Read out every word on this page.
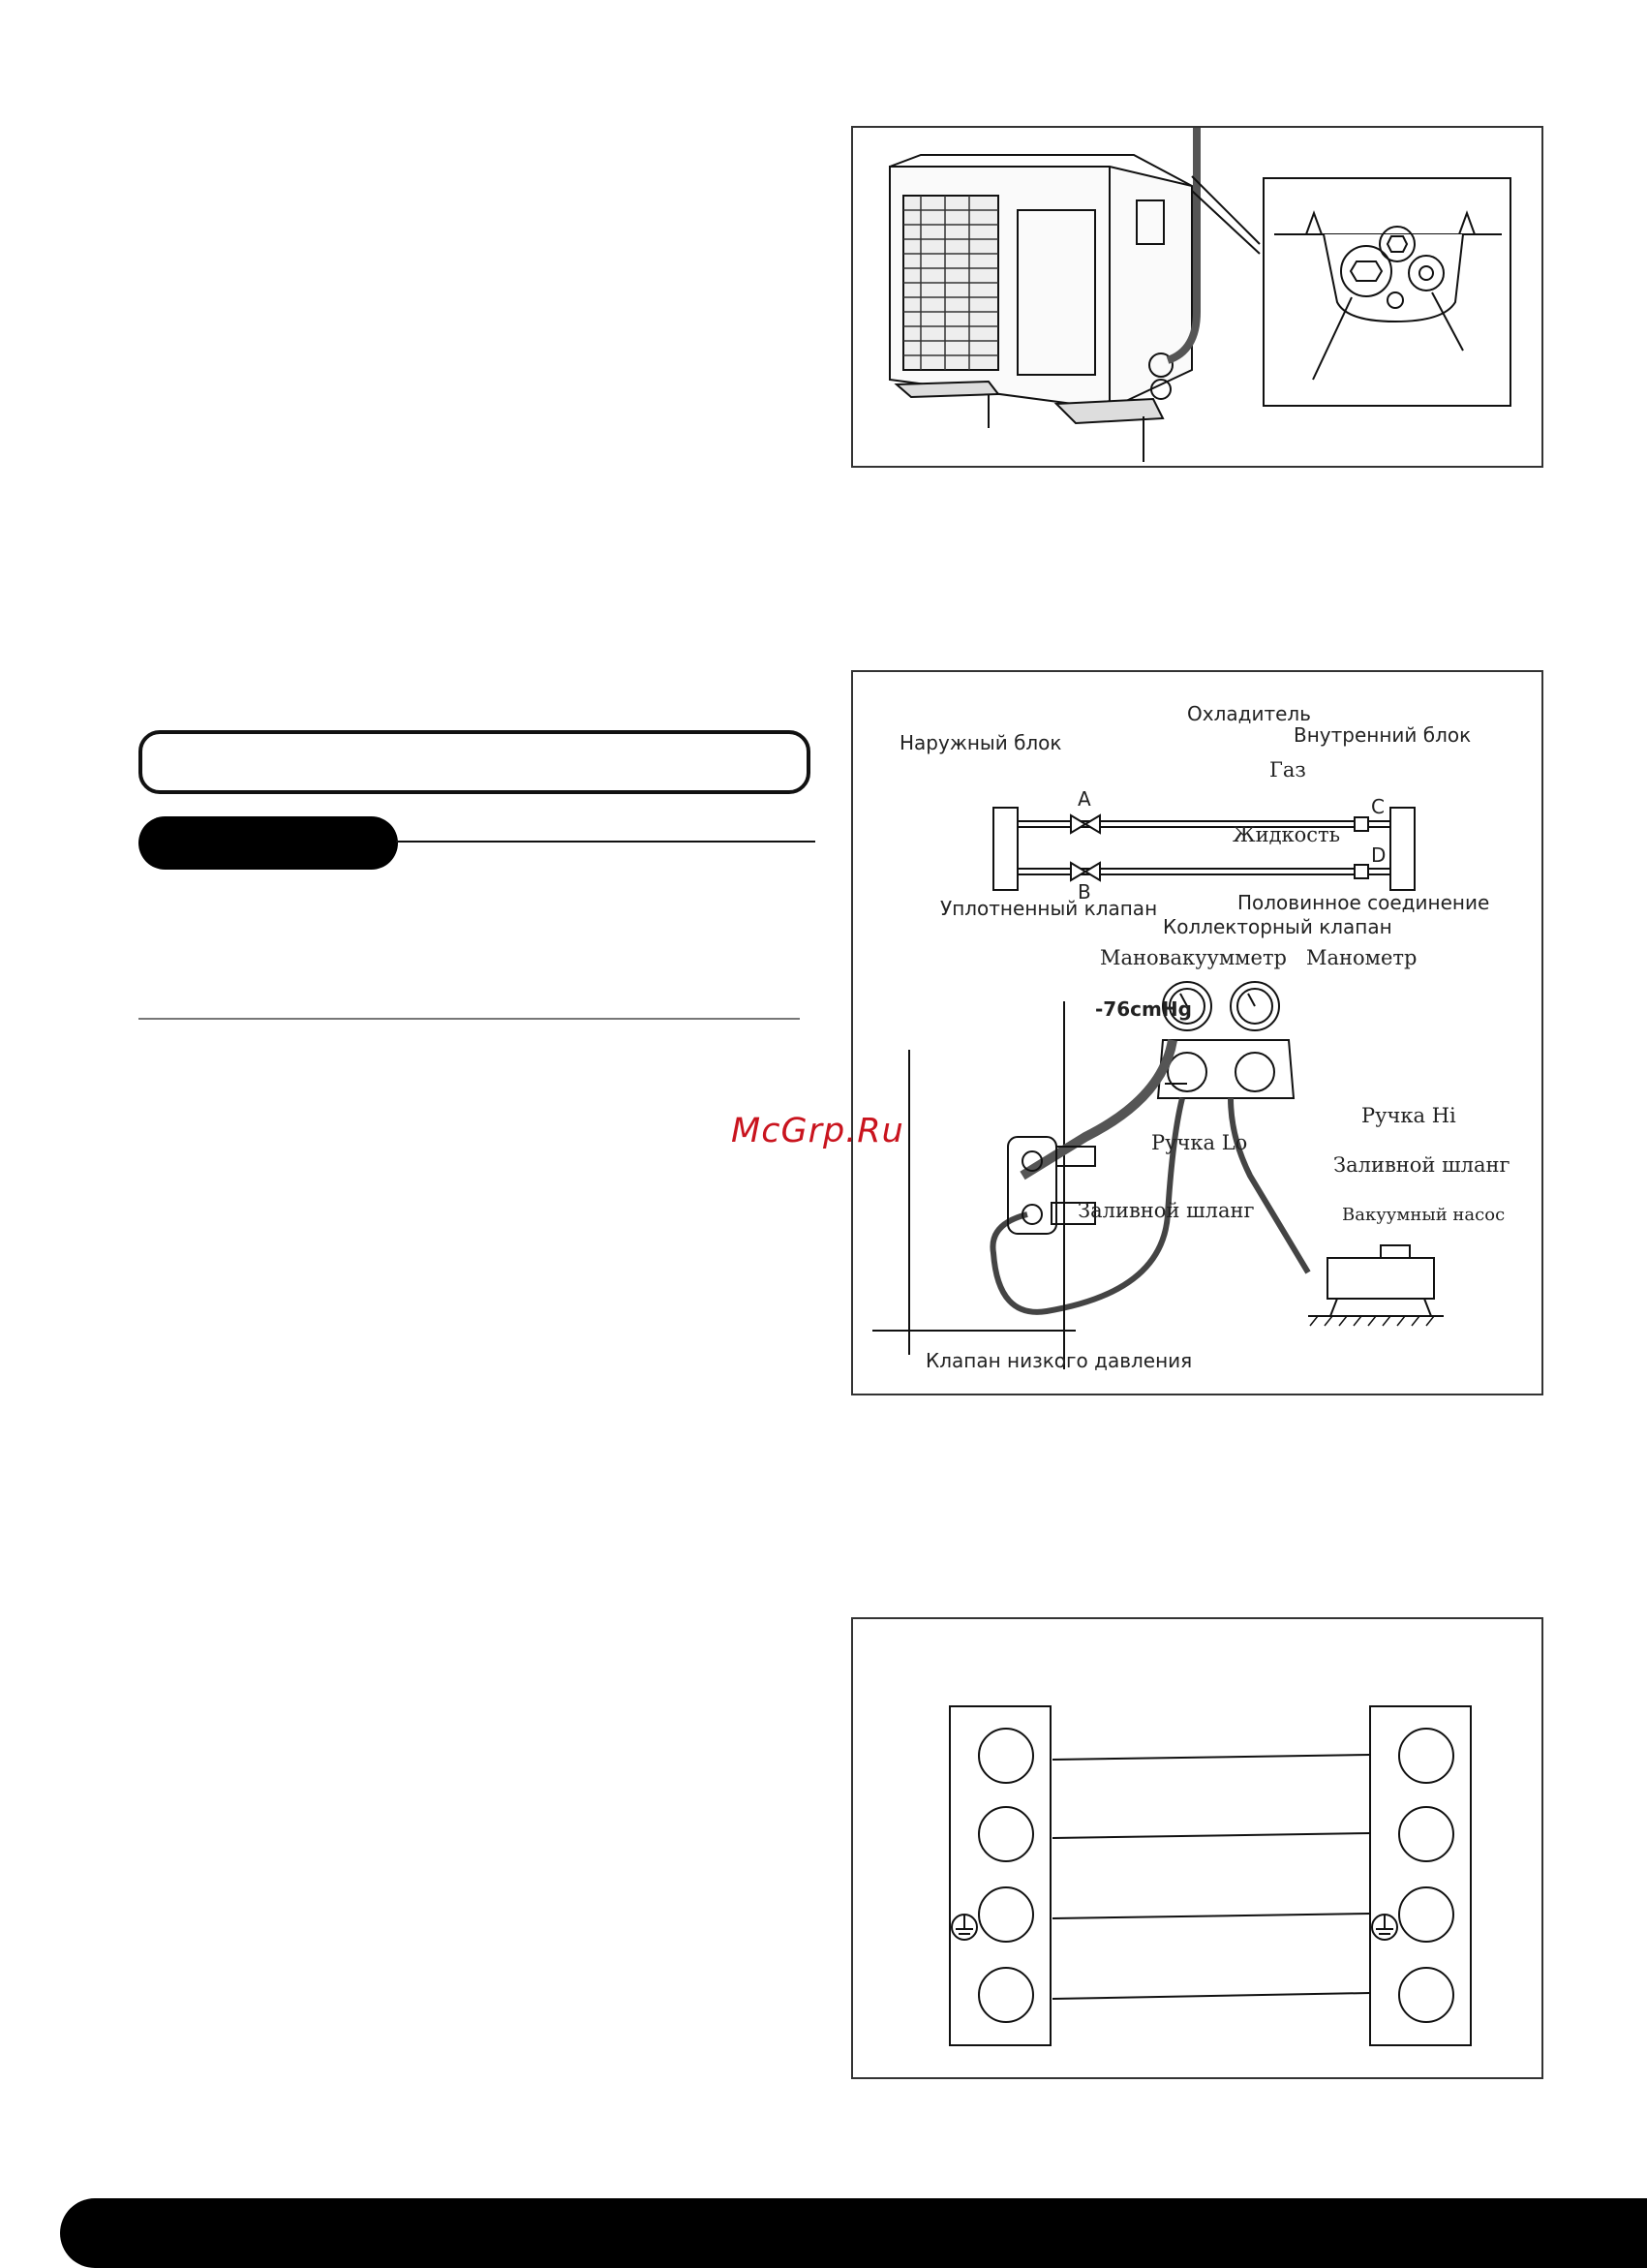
Охладитель
Наружный блок	Внутренний блок
A
B
C
D
Газ
Жидкость
Уплотненный клапан	Половинное соединение
Коллекторный клапан
Мановакуумметр Манометр
-76cmHg
Ручка Lo
Ручка Hi
Заливной шланг
Заливной шланг	Вакуумный насос
Клапан низкого давления
McGrp.Ru
